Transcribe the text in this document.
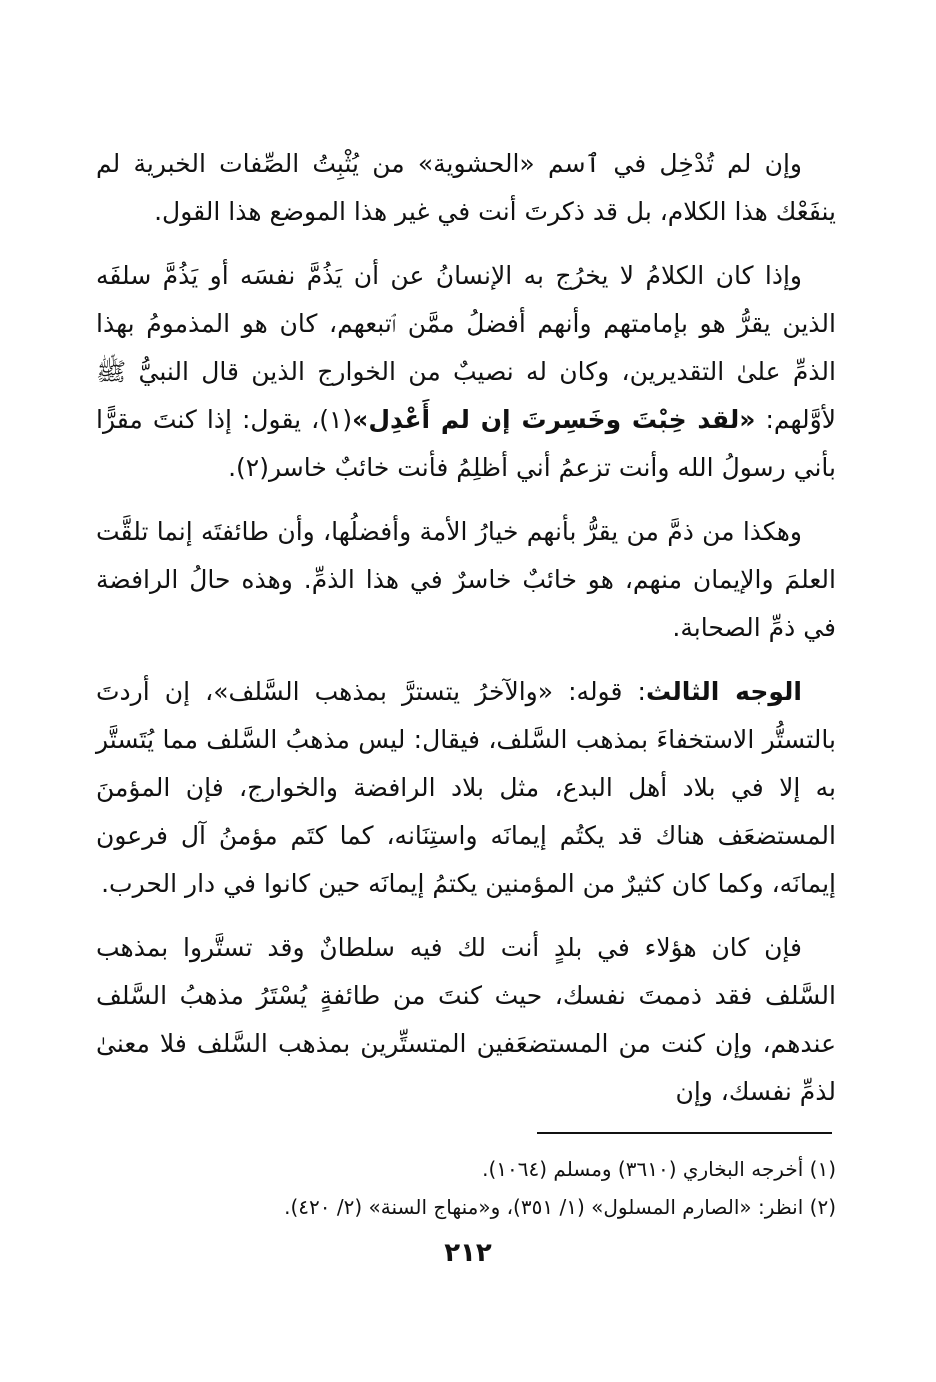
وإن لم تُدْخِل في ٱسم «الحشوية» من يُثْبِتُ الصِّفات الخبرية لم ينفَعْك هذا الكلام، بل قد ذكرتَ أنت في غير هذا الموضع هذا القول.

وإذا كان الكلامُ لا يخرُج به الإنسانُ عن أن يَذُمَّ نفسَه أو يَذُمَّ سلفَه الذين يقرُّ هو بإمامتهم وأنهم أفضلُ ممَّن ٱتبعهم، كان هو المذمومُ بهذا الذمِّ علىٰ التقديرين، وكان له نصيبٌ من الخوارج الذين قال النبيُّ ﷺ لأوَّلهم: «لقد خِبْتَ وخَسِرتَ إن لم أَعْدِل»(١)، يقول: إذا كنتَ مقرًّا بأني رسولُ الله وأنت تزعمُ أني أظلِمُ فأنت خائبٌ خاسر(٢).

وهكذا من ذمَّ من يقرُّ بأنهم خيارُ الأمة وأفضلُها، وأن طائفتَه إنما تلقَّت العلمَ والإيمان منهم، هو خائبٌ خاسرٌ في هذا الذمِّ. وهذه حالُ الرافضة في ذمِّ الصحابة.

الوجه الثالث: قوله: «والآخرُ يتسترَّ بمذهب السَّلف»، إن أردتَ بالتستُّر الاستخفاءَ بمذهب السَّلف، فيقال: ليس مذهبُ السَّلف مما يُتَستَّر به إلا في بلاد أهل البدع، مثل بلاد الرافضة والخوارج، فإن المؤمنَ المستضعَف هناك قد يكتُم إيمانَه واستِنَانه، كما كتَم مؤمنُ آل فرعون إيمانَه، وكما كان كثيرٌ من المؤمنين يكتمُ إيمانَه حين كانوا في دار الحرب.

فإن كان هؤلاء في بلدٍ أنت لك فيه سلطانٌ وقد تستَّروا بمذهب السَّلف فقد ذممتَ نفسك، حيث كنتَ من طائفةٍ يُسْتَرُ مذهبُ السَّلف عندهم، وإن كنت من المستضعَفين المتستِّرين بمذهب السَّلف فلا معنىٰ لذمِّ نفسك، وإن

(١) أخرجه البخاري (٣٦١٠) ومسلم (١٠٦٤).

(٢) انظر: «الصارم المسلول» (١/ ٣٥١)، و«منهاج السنة» (٢/ ٤٢٠).

٢١٢
